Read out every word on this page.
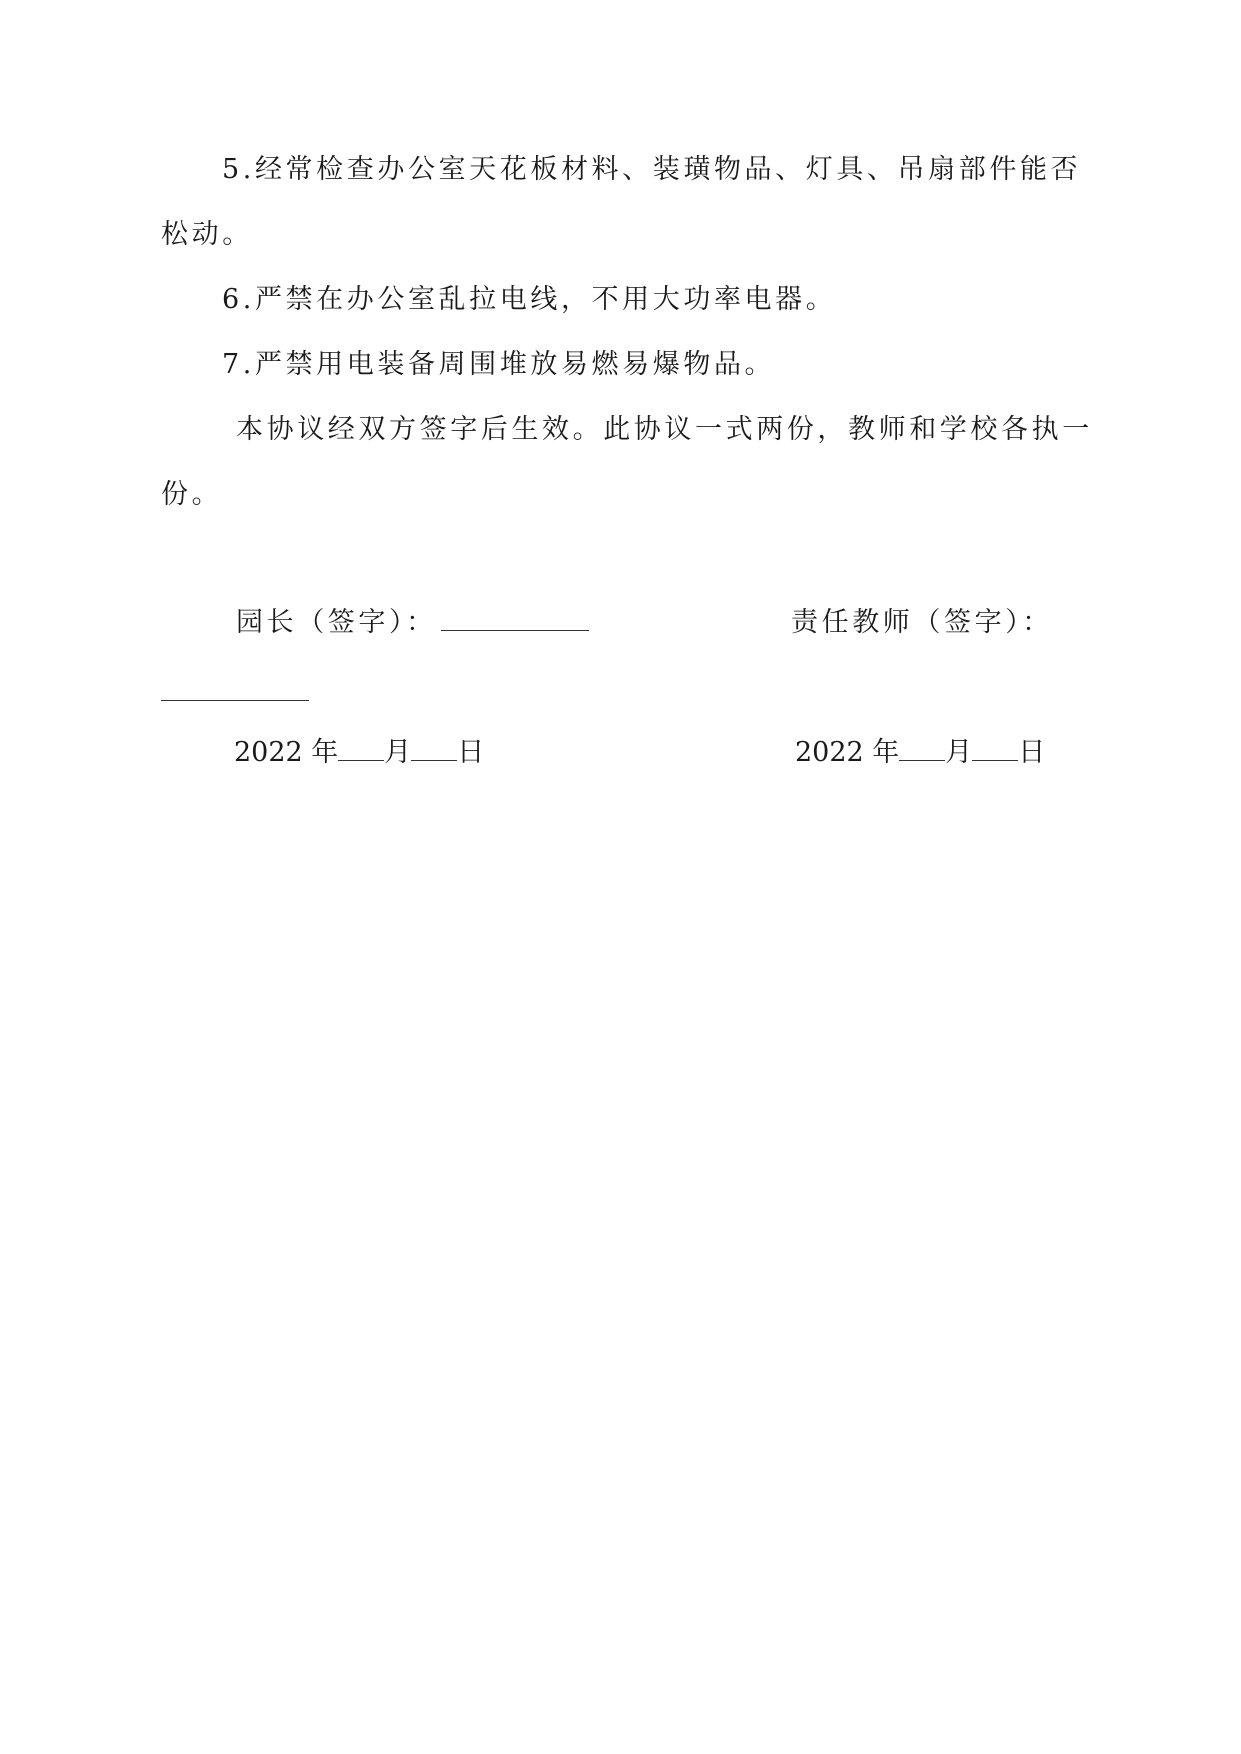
5.经常检查办公室天花板材料、装璜物品、灯具、吊扇部件能否
松动。
6.严禁在办公室乱拉电线，不用大功率电器。
7.严禁用电装备周围堆放易燃易爆物品。
本协议经双方签字后生效。此协议一式两份，教师和学校各执一
份。
园长（签字）：	责任教师（签字）：
2022 年 月 日	2022 年 月 日
